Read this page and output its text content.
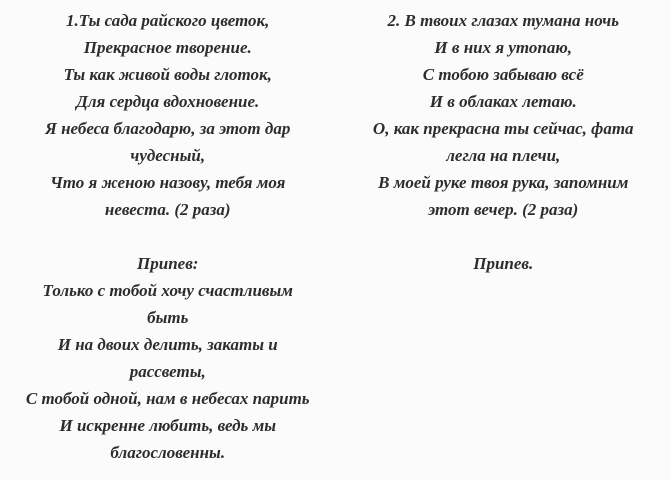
1.Ты сада райского цветок,
Прекрасное творение.
Ты как живой воды глоток,
Для сердца вдохновение.
Я небеса благодарю, за этот дар
чудесный,
Что я женою назову, тебя моя
невеста. (2 раза)
Припев:
Только с тобой хочу счастливым
быть
И на двоих делить, закаты и
рассветы,
С тобой одной, нам в небесах парить
И искренне любить, ведь мы
благословенны.
2. В твоих глазах тумана ночь
И в них я утопаю,
С тобою забываю всё
И в облаках летаю.
О, как прекрасна ты сейчас, фата
легла на плечи,
В моей руке твоя рука, запомним
этот вечер. (2 раза)
Припев.
